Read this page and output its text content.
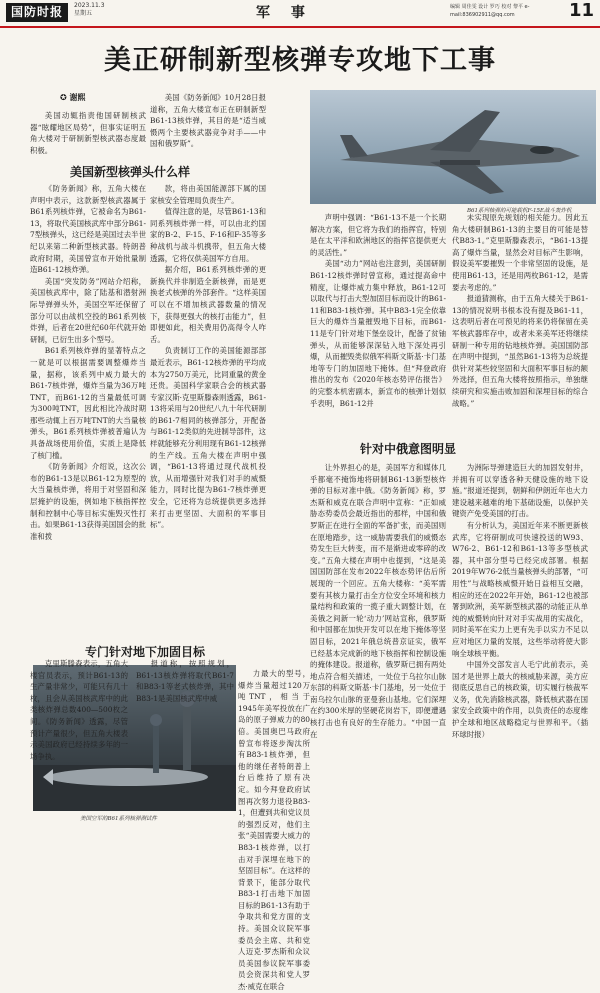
国防时报	2023.11.3
星期五	军 事	编辑 周佳雯 设计 罗巧 校对 黎平 e-mail:836902911@qq.com	11
美正研制新型核弹专攻地下工事
✪ 谢熙

美国动辄指责他国研制核武器“眩耀地区局势”，但事实证明五角大楼对于研制新型核武器态度最积极。

美国新型核弹头什么样

《防务新闻》称，五角大楼在声明中表示，这款新型核武器属于B61系列核炸弹，它被命名为B61-13，将取代美国核武库中部分B61-7型核弹头，这已经是美国过去半世纪以来第二种新型核武器。特朗普政府时期，美国曾宣布开始批量制造B61-12核炸弹。

美国“突发防务”网站介绍称，美国核武库中，除了陆基和潜射洲际导弹弹头外，美国空军还保留了部分可以由战机空投的B61系列核炸弹，后者在20世纪60年代就开始研制，已衍生出多个型号。

B61系列核炸弹的显著特点之一就是可以根据需要调整爆炸当量，据称，该系列中威力最大的B61-7核炸弹，爆炸当量为36万吨TNT，而B61-12的当量最低可调为300吨TNT，因此相比冷战时期那些动辄上百万吨TNT的大当量核弹头，B61系列核炸弹被普遍认为具备战场使用价值，实质上是降低了核门槛。

《防务新闻》介绍说，这次公布的B61-13是以B61-12为原型的大当量核炸弹，将用于对坚固和深层掩护的设施，例如地下核指挥控制和控制中心等目标实施毁灭性打击。如果B61-13获得美国国会的批准和拨

美国《防务新闻》10月28日报道称，五角大楼宣布正在研制新型B61-13核炸弹，其目的是“适当威慑两个主要核武器竞争对手——中国和俄罗斯”。

款，将由美国能源部下属的国家核安全管理局负责生产。

值得注意的是，尽管B61-13和同系列核炸弹一样，可以由北约国家的B-2、F-15、F-16和F-35等多种战机与战斗机携带，但五角大楼透露，它将仅供美国军方自用。

据介绍，B61系列核炸弹的更新换代并非制造全新核弹，而是更换老式核弹的外部套件。“这样美国可以在不增加核武器数量的情况下，获得更强大的核打击能力”，但即便如此，相关费用仍高得令人咋舌。

负责制订工作的美国能源部部最近表示，B61-12核炸弹的平均成本为2750万美元，比同重量的黄金还贵。美国科学家联合会的核武器专家汉斯·克里斯滕森则透露，B61-13将采用与20世纪八九十年代研制的B61-7相同的核弹部分，开配备与B61-12类似的先进制导部件，这样就能够充分利用现有B61-12核弹的生产线。五角大楼在声明中强调，“B61-13将通过现代战机投放，从而增强针对我们对手的威慑能力，同时比提为B61-7核炸弹更安全，它还将为总统提供更多选择来打击更坚固、大面积的军事目标”。

专门针对地下加固目标
美国空军的B61系列核弹测试件

力最大的型号，爆炸当量超过120万吨TNT，相当于1945年美军投放在广岛的原子弹威力的80倍。美国奥巴马政府曾宣布将逐步淘汰所有B83-1核炸弹，但他的继任者特朗普上台后维持了原有决定。如今拜登政府试图再次努力退役B83-1，但遭到共和党议员的强烈反对，他们主张“美国需要大威力的B83-1核炸弹，以打击对手深埋在地下的坚固目标”。在这样的背景下，能部分取代B83-1打击地下加固目标的B61-13有助于争取共和党方面的支持。美国众议院军事委员会主席、共和党人迈克·罗杰斯和众议员美国参议院军事委员会资深共和党人罗杰·威克在联合

B61系列核弹的可能载机F-15E战斗轰炸机

声明中强调：“B61-13不是一个长期解决方案，但它将为我们的指挥官，特别是在太平洋和欧洲地区的指挥官提供更大的灵活性。”

美国“动力”网站也注意到，美国研制B61-12核炸弹时曾宣称，通过提高命中精度，让爆炸威力集中释放，B61-12可以取代与打击大型加固目标而设计的B61-11和B83-1核炸弹。其中B83-1完全依靠巨大的爆炸当量摧毁地下目标，而B61-11是专门针对地下堡垒设计，配备了贫铀弹头，从而能够深深钻入地下深处再引爆，从而摧毁类似俄军科斯文斯基·卡门基地等专门的加固地下掩体。但“拜登政府推出的发布《2020年核态势评估报告》的完整本机密副本，新宣布的核弹计划似乎表明，B61-12并

未实现原先规划的相关能力。因此五角大楼研制B61-13的主要目的可能是替代B83-1。”克里斯滕森表示，“B61-13提高了爆炸当量，显然会对目标产生影响，假设美军要摧毁一个非常坚固的设施，是使用B61-13，还是用两枚B61-12，是需要去考虑的。”

报道猜测称，由于五角大楼关于B61-13的情况说明书根本没有提及B61-11，这表明后者在可预见的将来仍将保留在美军核武器库存中，或者未来美军还将继续研制一种专用的钻地核炸弹。美国国防部在声明中提到，“虽然B61-13将为总统提供针对某些较坚固和大面积军事目标的额外选择，但五角大楼将按照指示，单独继续研究和实施击败加固和深埋目标的综合战略。”

针对中俄意图明显

让外界担心的是，美国军方和媒体几乎都毫不掩饰地将研制B61-13新型核炸弹的目标对准中俄。《防务新闻》称，罗杰斯和威克在联合声明中宣称：“正如威胁态势委员会最近指出的那样，中国和俄罗斯正在进行全面的军备扩张，而美国则在原地踏步，这一威胁需要我们的威慑态势发生巨大转变，而不是渐进或零碎的改变。”五角大楼在声明中也提到，“这是美国国防部在发布2022年核态势评估后所展现的一个回应。五角大楼称：“美军需要有其核力量打击全方位安全环境和核力量结构和政策的一揽子重大调整计划，在美俄之间新一轮‘动力’网站宣称，俄罗斯和中国都在加快开发可以在地下掩体等坚固目标，2021年俄总统普京证实，俄军已经基本完成新的地下核指挥和控制设施的掩体建设。报道称，俄罗斯已拥有两处地点符合相关描述，一处位于乌拉尔山脉东部的科斯文斯基·卡门基地，另一处位于南乌拉尔山脉的亚曼套山基地。它们深埋在约300米厚的坚硬花岗岩下，即便遭遇核打击也有良好的生存能力。“中国一直在

为洲际导弹建造巨大的加固发射井，并拥有可以穿透各种天健设施的地下设施。”报道还提到，朝鲜和伊朗近年也大力建设越来越难的地下基础设施，以保护关键资产免受美国的打击。

有分析认为，美国近年来不断更新核武库，它将研制成可快速投送的W93、W76-2、B61-12和B61-13等多型核武器，其中部分型号已经完成部署。根据2019年W76-2低当量核弹头的部署，“可用性”与战略核威慑开始日益相互交融，相应的还在2022年开始，B61-12也被部署到欧洲，美军新型核武器的动能正从单纯的威慑转向针对对手实战用的实战化，同时美军在实力上更有先手以实力不足以应对地区力量的发展，这些举动将使大影响全球核平衡。

中国外交部发言人毛宁此前表示，美国才是世界上最大的核威胁来源，美方应彻底反思自己的核政策，切实履行核裁军义务，优先消除核武器，降低核武器在国家安全政策中的作用，以负责任的态度维护全球和地区战略稳定与世界和平。（插环球时报）

克里斯滕森表示，五角大楼官员表示，预计B61-13的生产量非常少，可能只有几十枚，且会从美国核武库中的此类核炸弹总数400—500枚之间。《防务新闻》透露，尽管预计产量很少，但五角大楼表示美国政府已经持续多年的一场争执。

报道称，按照规划，B61-13核炸弹将取代B61-7和B83-1等老式核炸弹，其中B83-1是美国核武库中威
